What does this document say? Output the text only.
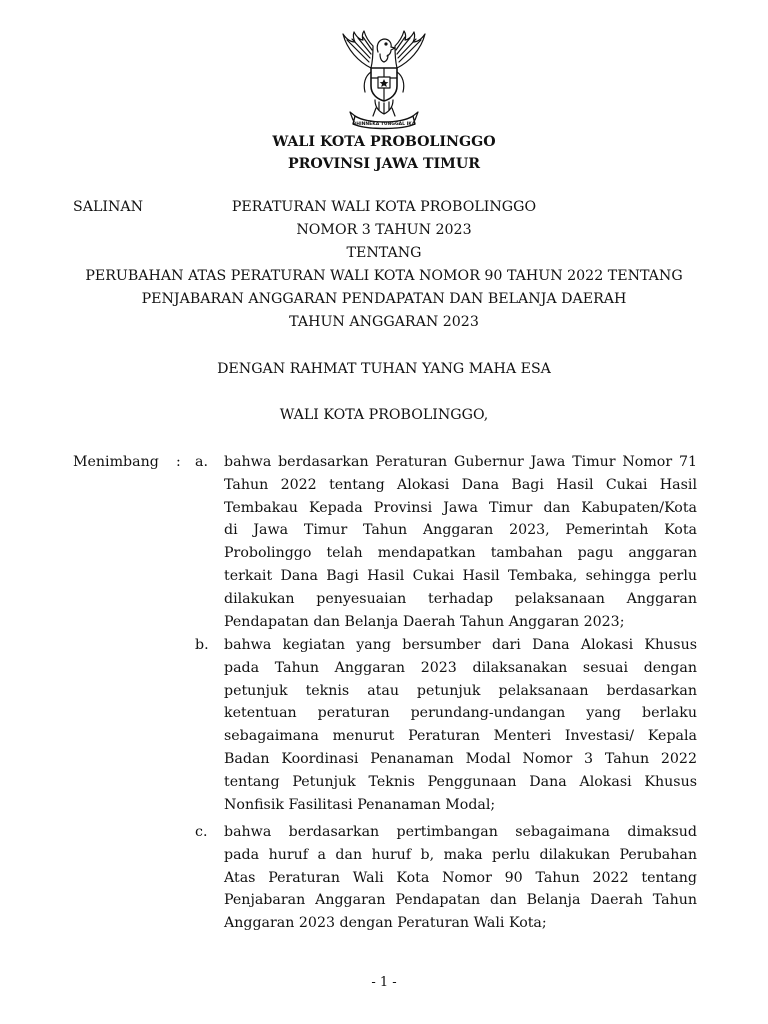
BHINNEKA TUNGGAL IKA
WALI KOTA PROBOLINGGO
PROVINSI JAWA TIMUR
SALINAN	PERATURAN WALI KOTA PROBOLINGGO
NOMOR 3 TAHUN 2023
TENTANG
PERUBAHAN ATAS PERATURAN WALI KOTA NOMOR 90 TAHUN 2022 TENTANG
PENJABARAN ANGGARAN PENDAPATAN DAN BELANJA DAERAH
TAHUN ANGGARAN 2023
DENGAN RAHMAT TUHAN YANG MAHA ESA
WALI KOTA PROBOLINGGO,
Menimbang : a. bahwa berdasarkan Peraturan Gubernur Jawa Timur Nomor 71
Tahun 2022 tentang Alokasi Dana Bagi Hasil Cukai Hasil
Tembakau Kepada Provinsi Jawa Timur dan Kabupaten/Kota
di Jawa Timur Tahun Anggaran 2023, Pemerintah Kota
Probolinggo telah mendapatkan tambahan pagu anggaran
terkait Dana Bagi Hasil Cukai Hasil Tembaka, sehingga perlu
dilakukan penyesuaian terhadap pelaksanaan Anggaran
Pendapatan dan Belanja Daerah Tahun Anggaran 2023;
b. bahwa kegiatan yang bersumber dari Dana Alokasi Khusus
pada Tahun Anggaran 2023 dilaksanakan sesuai dengan
petunjuk teknis atau petunjuk pelaksanaan berdasarkan
ketentuan peraturan perundang-undangan yang berlaku
sebagaimana menurut Peraturan Menteri Investasi/ Kepala
Badan Koordinasi Penanaman Modal Nomor 3 Tahun 2022
tentang Petunjuk Teknis Penggunaan Dana Alokasi Khusus
Nonfisik Fasilitasi Penanaman Modal;
c. bahwa berdasarkan pertimbangan sebagaimana dimaksud
pada huruf a dan huruf b, maka perlu dilakukan Perubahan
Atas Peraturan Wali Kota Nomor 90 Tahun 2022 tentang
Penjabaran Anggaran Pendapatan dan Belanja Daerah Tahun
Anggaran 2023 dengan Peraturan Wali Kota;
- 1 -
